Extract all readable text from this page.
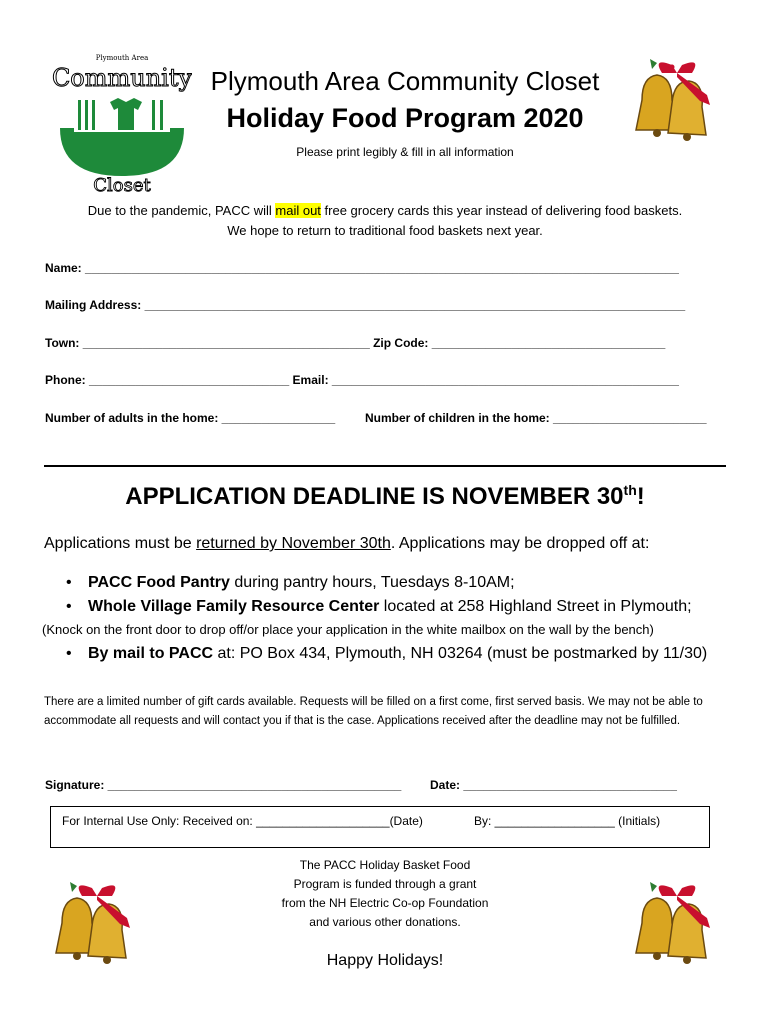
Plymouth Area
Community
Closet
Plymouth Area Community Closet
Holiday Food Program 2020
Please print legibly & fill in all information
Due to the pandemic, PACC will mail out free grocery cards this year instead of delivering food baskets.
We hope to return to traditional food baskets next year.
Name: _________________________________________________________________________________________
Mailing Address: _________________________________________________________________________________
Town: ___________________________________________ Zip Code: ___________________________________
Phone: ______________________________ Email: ____________________________________________________
Number of adults in the home: _________________ Number of children in the home: _______________________
APPLICATION DEADLINE IS NOVEMBER 30th!
Applications must be returned by November 30th. Applications may be dropped off at:
• PACC Food Pantry during pantry hours, Tuesdays 8-10AM;
• Whole Village Family Resource Center located at 258 Highland Street in Plymouth;
(Knock on the front door to drop off/or place your application in the white mailbox on the wall by the bench)
• By mail to PACC at: PO Box 434, Plymouth, NH 03264 (must be postmarked by 11/30)
There are a limited number of gift cards available. Requests will be filled on a first come, first served basis. We may not be able to accommodate all requests and will contact you if that is the case. Applications received after the deadline may not be fulfilled.
Signature: ____________________________________________ Date: ________________________________
For Internal Use Only: Received on: ____________________(Date)	By: __________________ (Initials)
The PACC Holiday Basket Food
Program is funded through a grant
from the NH Electric Co-op Foundation
and various other donations.
Happy Holidays!
